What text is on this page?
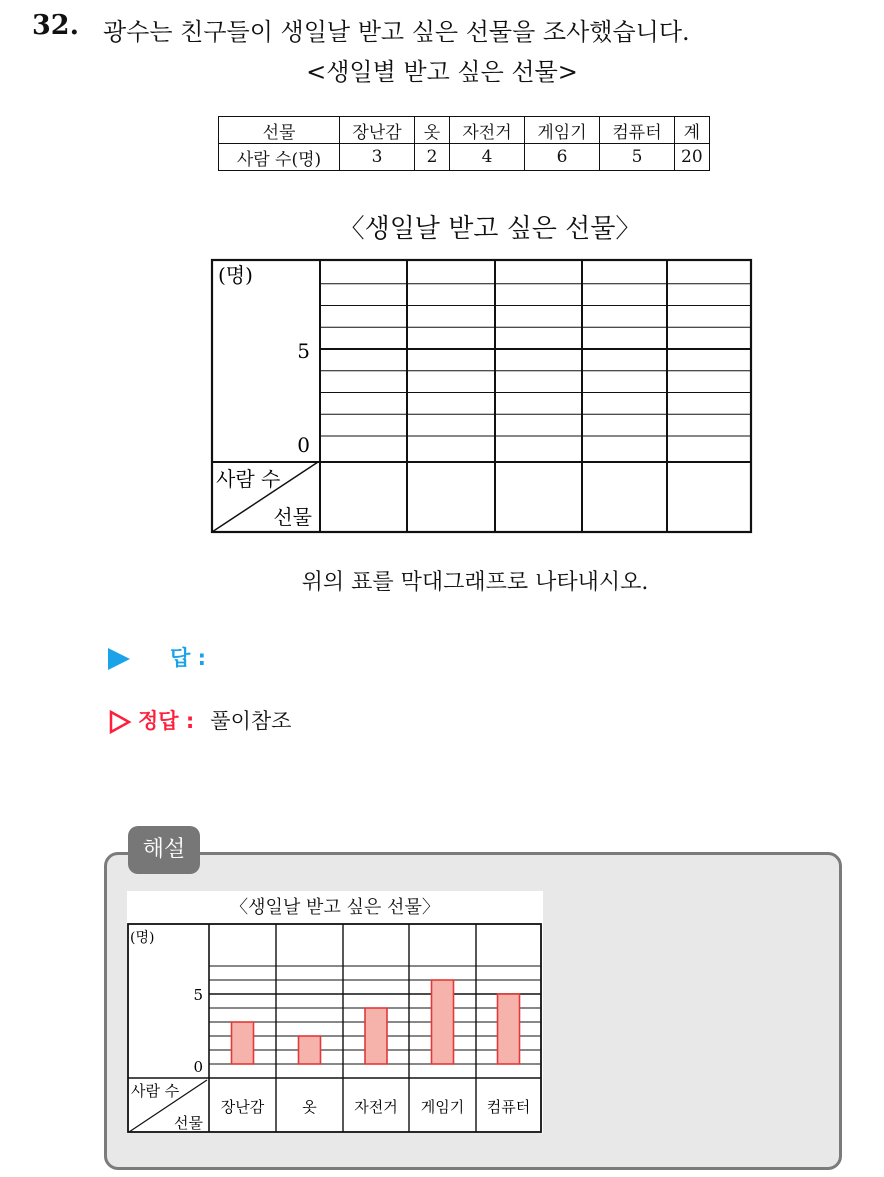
32. 광수는 친구들이 생일날 받고 싶은 선물을 조사했습니다.
<생일별 받고 싶은 선물>
선물	장난감	옷	자전거	게임기	컴퓨터	계
사람 수(명)	3	2	4	6	5	20
〈생일날 받고 싶은 선물〉
(명)
5
0
사람 수
선물
위의 표를 막대그래프로 나타내시오.
답 :
정답 : 풀이참조
해설
〈생일날 받고 싶은 선물〉
장난감	옷	자전거 게임기 컴퓨터
(명)
5
0
사람 수
선물
